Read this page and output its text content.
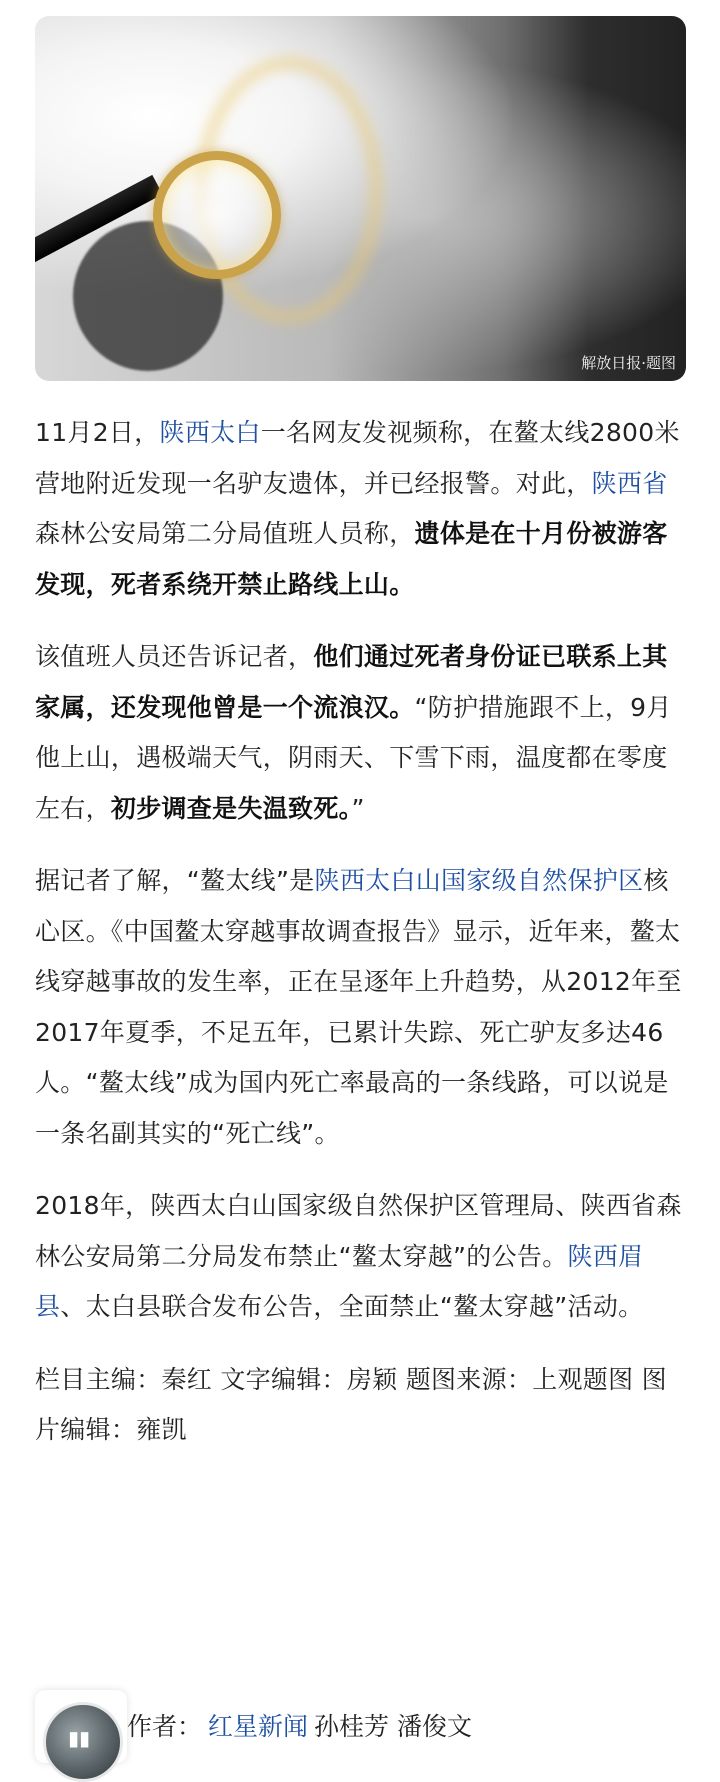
解放日报·题图

11月2日，陕西太白一名网友发视频称，在鳌太线2800米营地附近发现一名驴友遗体，并已经报警。对此，陕西省森林公安局第二分局值班人员称，遗体是在十月份被游客发现，死者系绕开禁止路线上山。

该值班人员还告诉记者，他们通过死者身份证已联系上其家属，还发现他曾是一个流浪汉。“防护措施跟不上，9月他上山，遇极端天气，阴雨天、下雪下雨，温度都在零度左右，初步调查是失温致死。”

据记者了解，“鳌太线”是陕西太白山国家级自然保护区核心区。《中国鳌太穿越事故调查报告》显示，近年来，鳌太线穿越事故的发生率，正在呈逐年上升趋势，从2012年至2017年夏季，不足五年，已累计失踪、死亡驴友多达46人。“鳌太线”成为国内死亡率最高的一条线路，可以说是一条名副其实的“死亡线”。

2018年，陕西太白山国家级自然保护区管理局、陕西省森林公安局第二分局发布禁止“鳌太穿越”的公告。陕西眉县、太白县联合发布公告，全面禁止“鳌太穿越”活动。

栏目主编：秦红 文字编辑：房颖 题图来源：上观题图 图片编辑：雍凯

▮▮ 作者： 红星新闻 孙桂芳 潘俊文
